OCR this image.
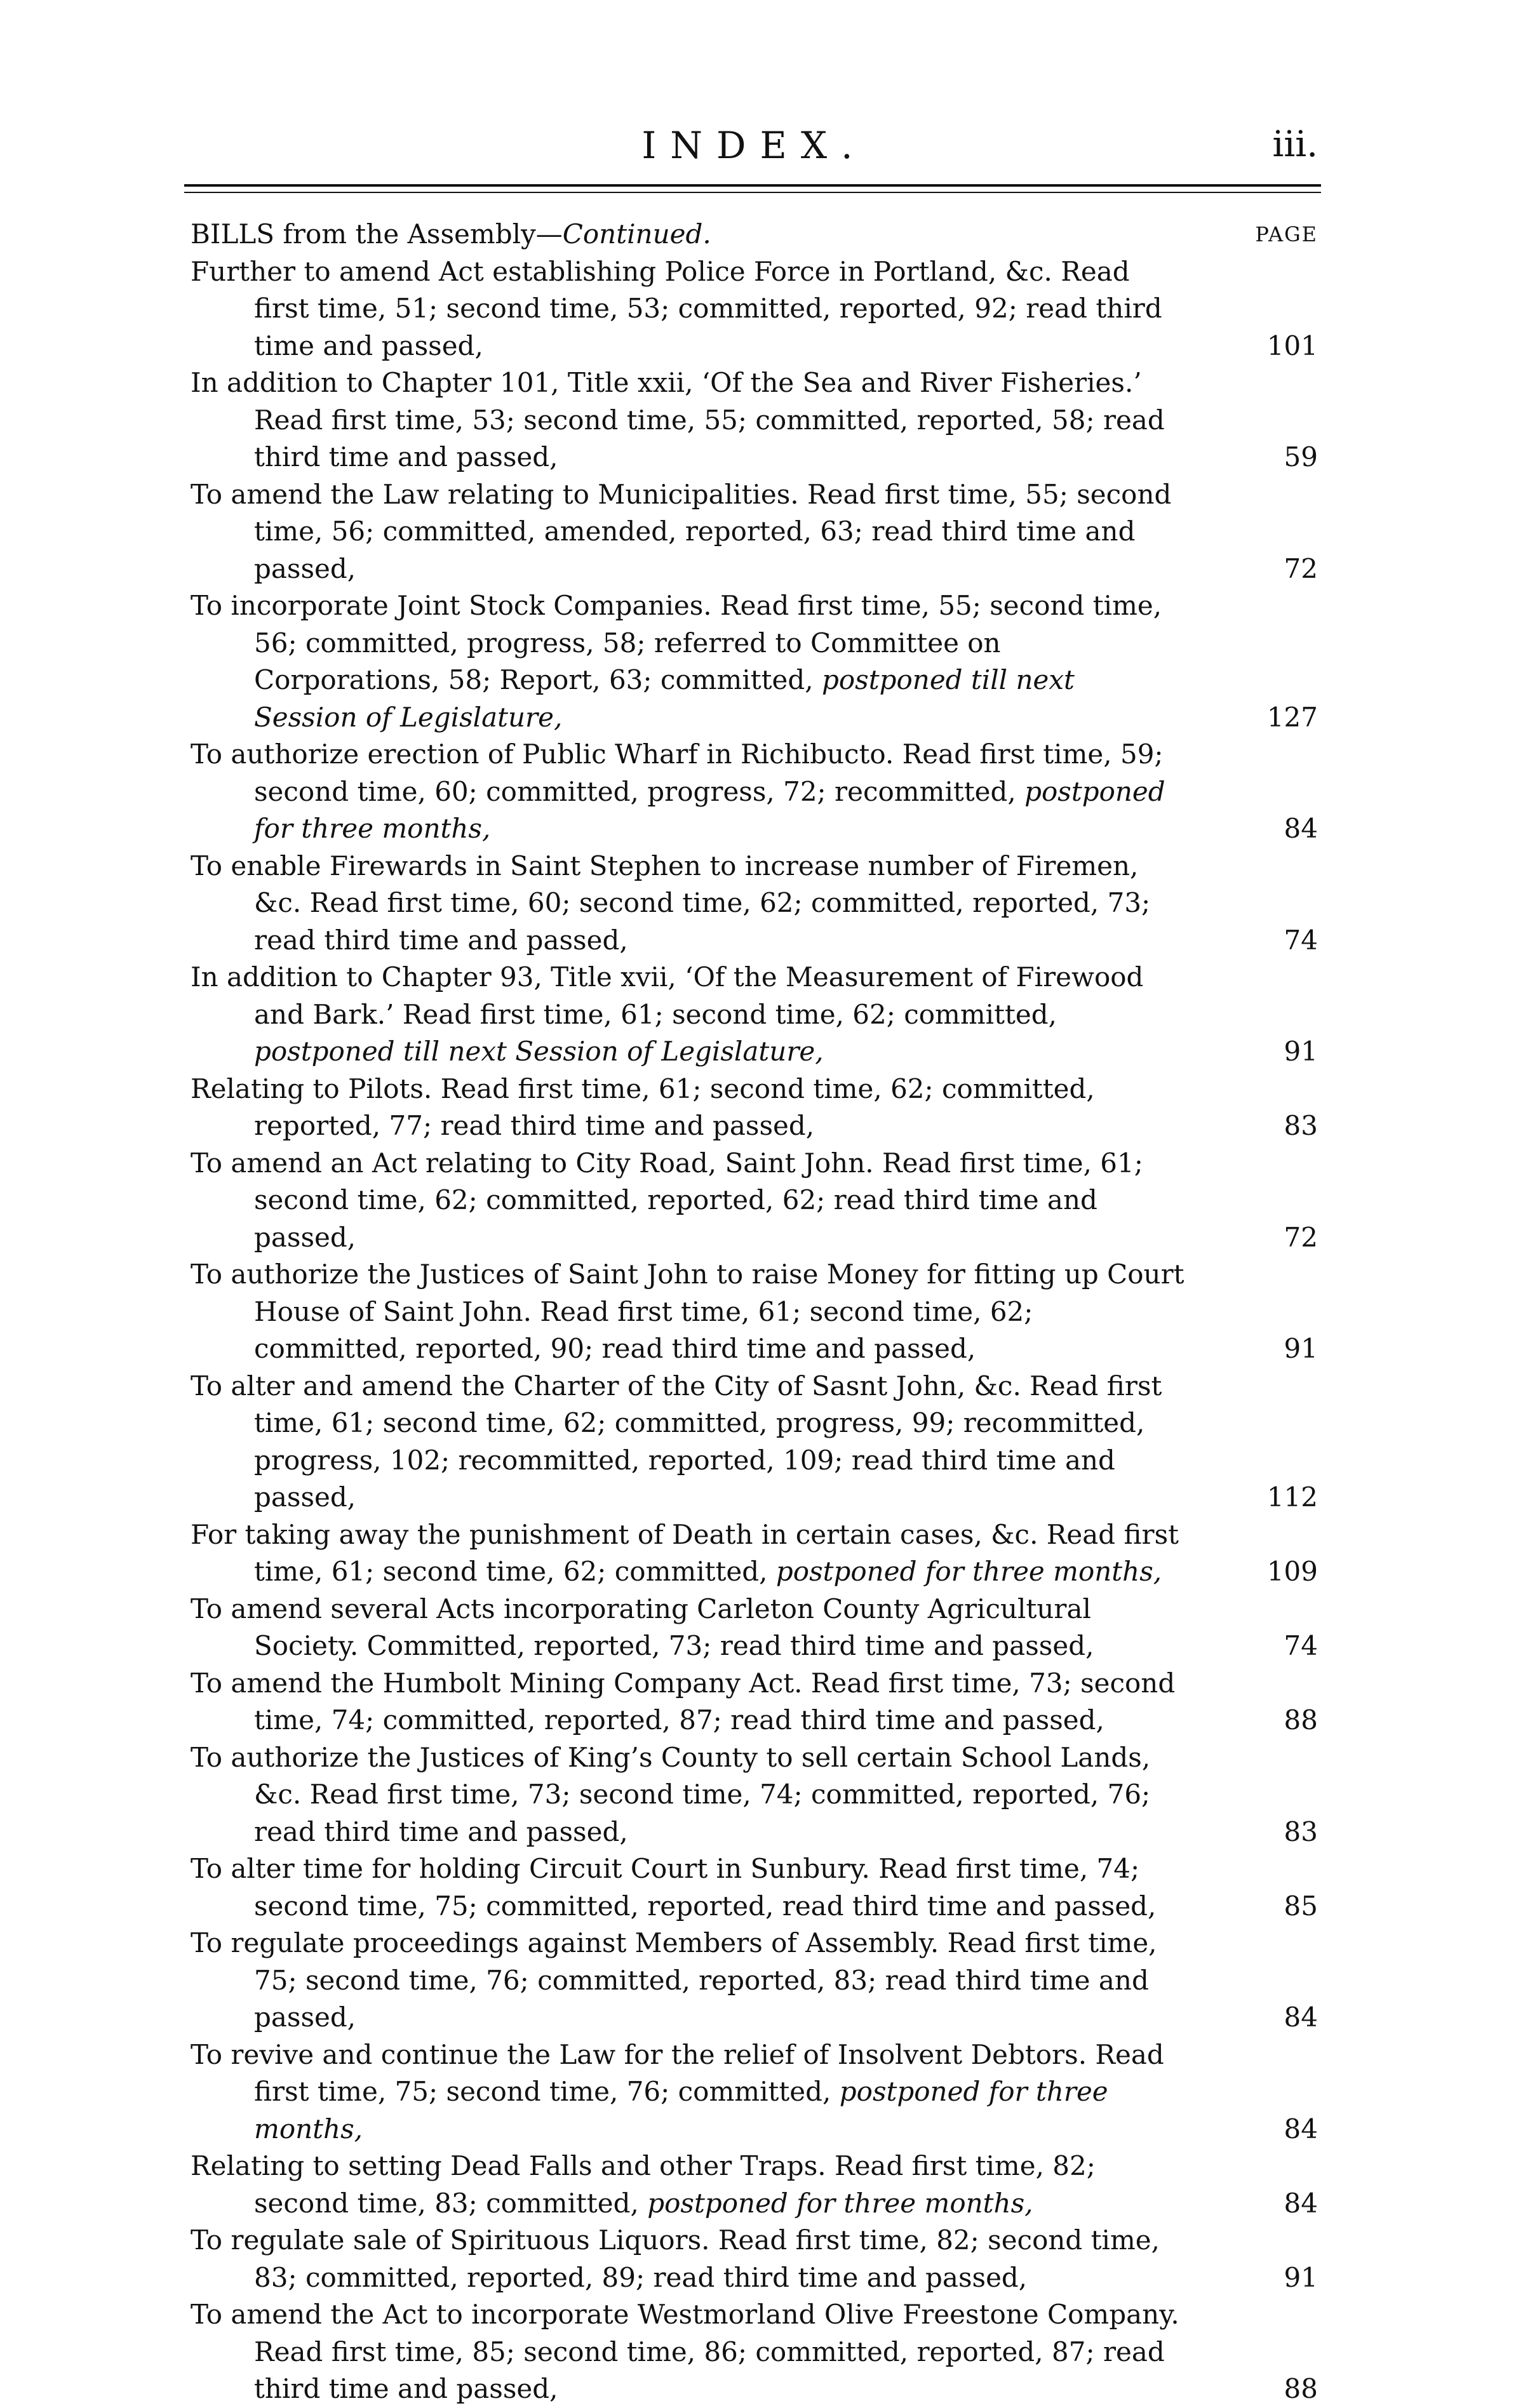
INDEX.	iii.
BILLS from the Assembly—Continued.	PAGE
Further to amend Act establishing Police Force in Portland, &c. Read first time, 51; second time, 53; committed, reported, 92; read third time and passed,	101
In addition to Chapter 101, Title xxii, ‘Of the Sea and River Fisheries.’ Read first time, 53; second time, 55; committed, reported, 58; read third time and passed,	59
To amend the Law relating to Municipalities. Read first time, 55; second time, 56; committed, amended, reported, 63; read third time and passed,	72
To incorporate Joint Stock Companies. Read first time, 55; second time, 56; committed, progress, 58; referred to Committee on Corporations, 58; Report, 63; committed, postponed till next Session of Legislature,	127
To authorize erection of Public Wharf in Richibucto. Read first time, 59; second time, 60; committed, progress, 72; recommitted, postponed for three months,	84
To enable Firewards in Saint Stephen to increase number of Firemen, &c. Read first time, 60; second time, 62; committed, reported, 73; read third time and passed,	74
In addition to Chapter 93, Title xvii, ‘Of the Measurement of Firewood and Bark.’ Read first time, 61; second time, 62; committed, postponed till next Session of Legislature,	91
Relating to Pilots. Read first time, 61; second time, 62; committed, reported, 77; read third time and passed,	83
To amend an Act relating to City Road, Saint John. Read first time, 61; second time, 62; committed, reported, 62; read third time and passed,	72
To authorize the Justices of Saint John to raise Money for fitting up Court House of Saint John. Read first time, 61; second time, 62; committed, reported, 90; read third time and passed,	91
To alter and amend the Charter of the City of Sasnt John, &c. Read first time, 61; second time, 62; committed, progress, 99; recommitted, progress, 102; recommitted, reported, 109; read third time and passed,	112
For taking away the punishment of Death in certain cases, &c. Read first time, 61; second time, 62; committed, postponed for three months,	109
To amend several Acts incorporating Carleton County Agricultural Society. Committed, reported, 73; read third time and passed,	74
To amend the Humbolt Mining Company Act. Read first time, 73; second time, 74; committed, reported, 87; read third time and passed,	88
To authorize the Justices of King’s County to sell certain School Lands, &c. Read first time, 73; second time, 74; committed, reported, 76; read third time and passed,	83
To alter time for holding Circuit Court in Sunbury. Read first time, 74; second time, 75; committed, reported, read third time and passed,	85
To regulate proceedings against Members of Assembly. Read first time, 75; second time, 76; committed, reported, 83; read third time and passed,	84
To revive and continue the Law for the relief of Insolvent Debtors. Read first time, 75; second time, 76; committed, postponed for three months,	84
Relating to setting Dead Falls and other Traps. Read first time, 82; second time, 83; committed, postponed for three months,	84
To regulate sale of Spirituous Liquors. Read first time, 82; second time, 83; committed, reported, 89; read third time and passed,	91
To amend the Act to incorporate Westmorland Olive Freestone Company. Read first time, 85; second time, 86; committed, reported, 87; read third time and passed,	88
